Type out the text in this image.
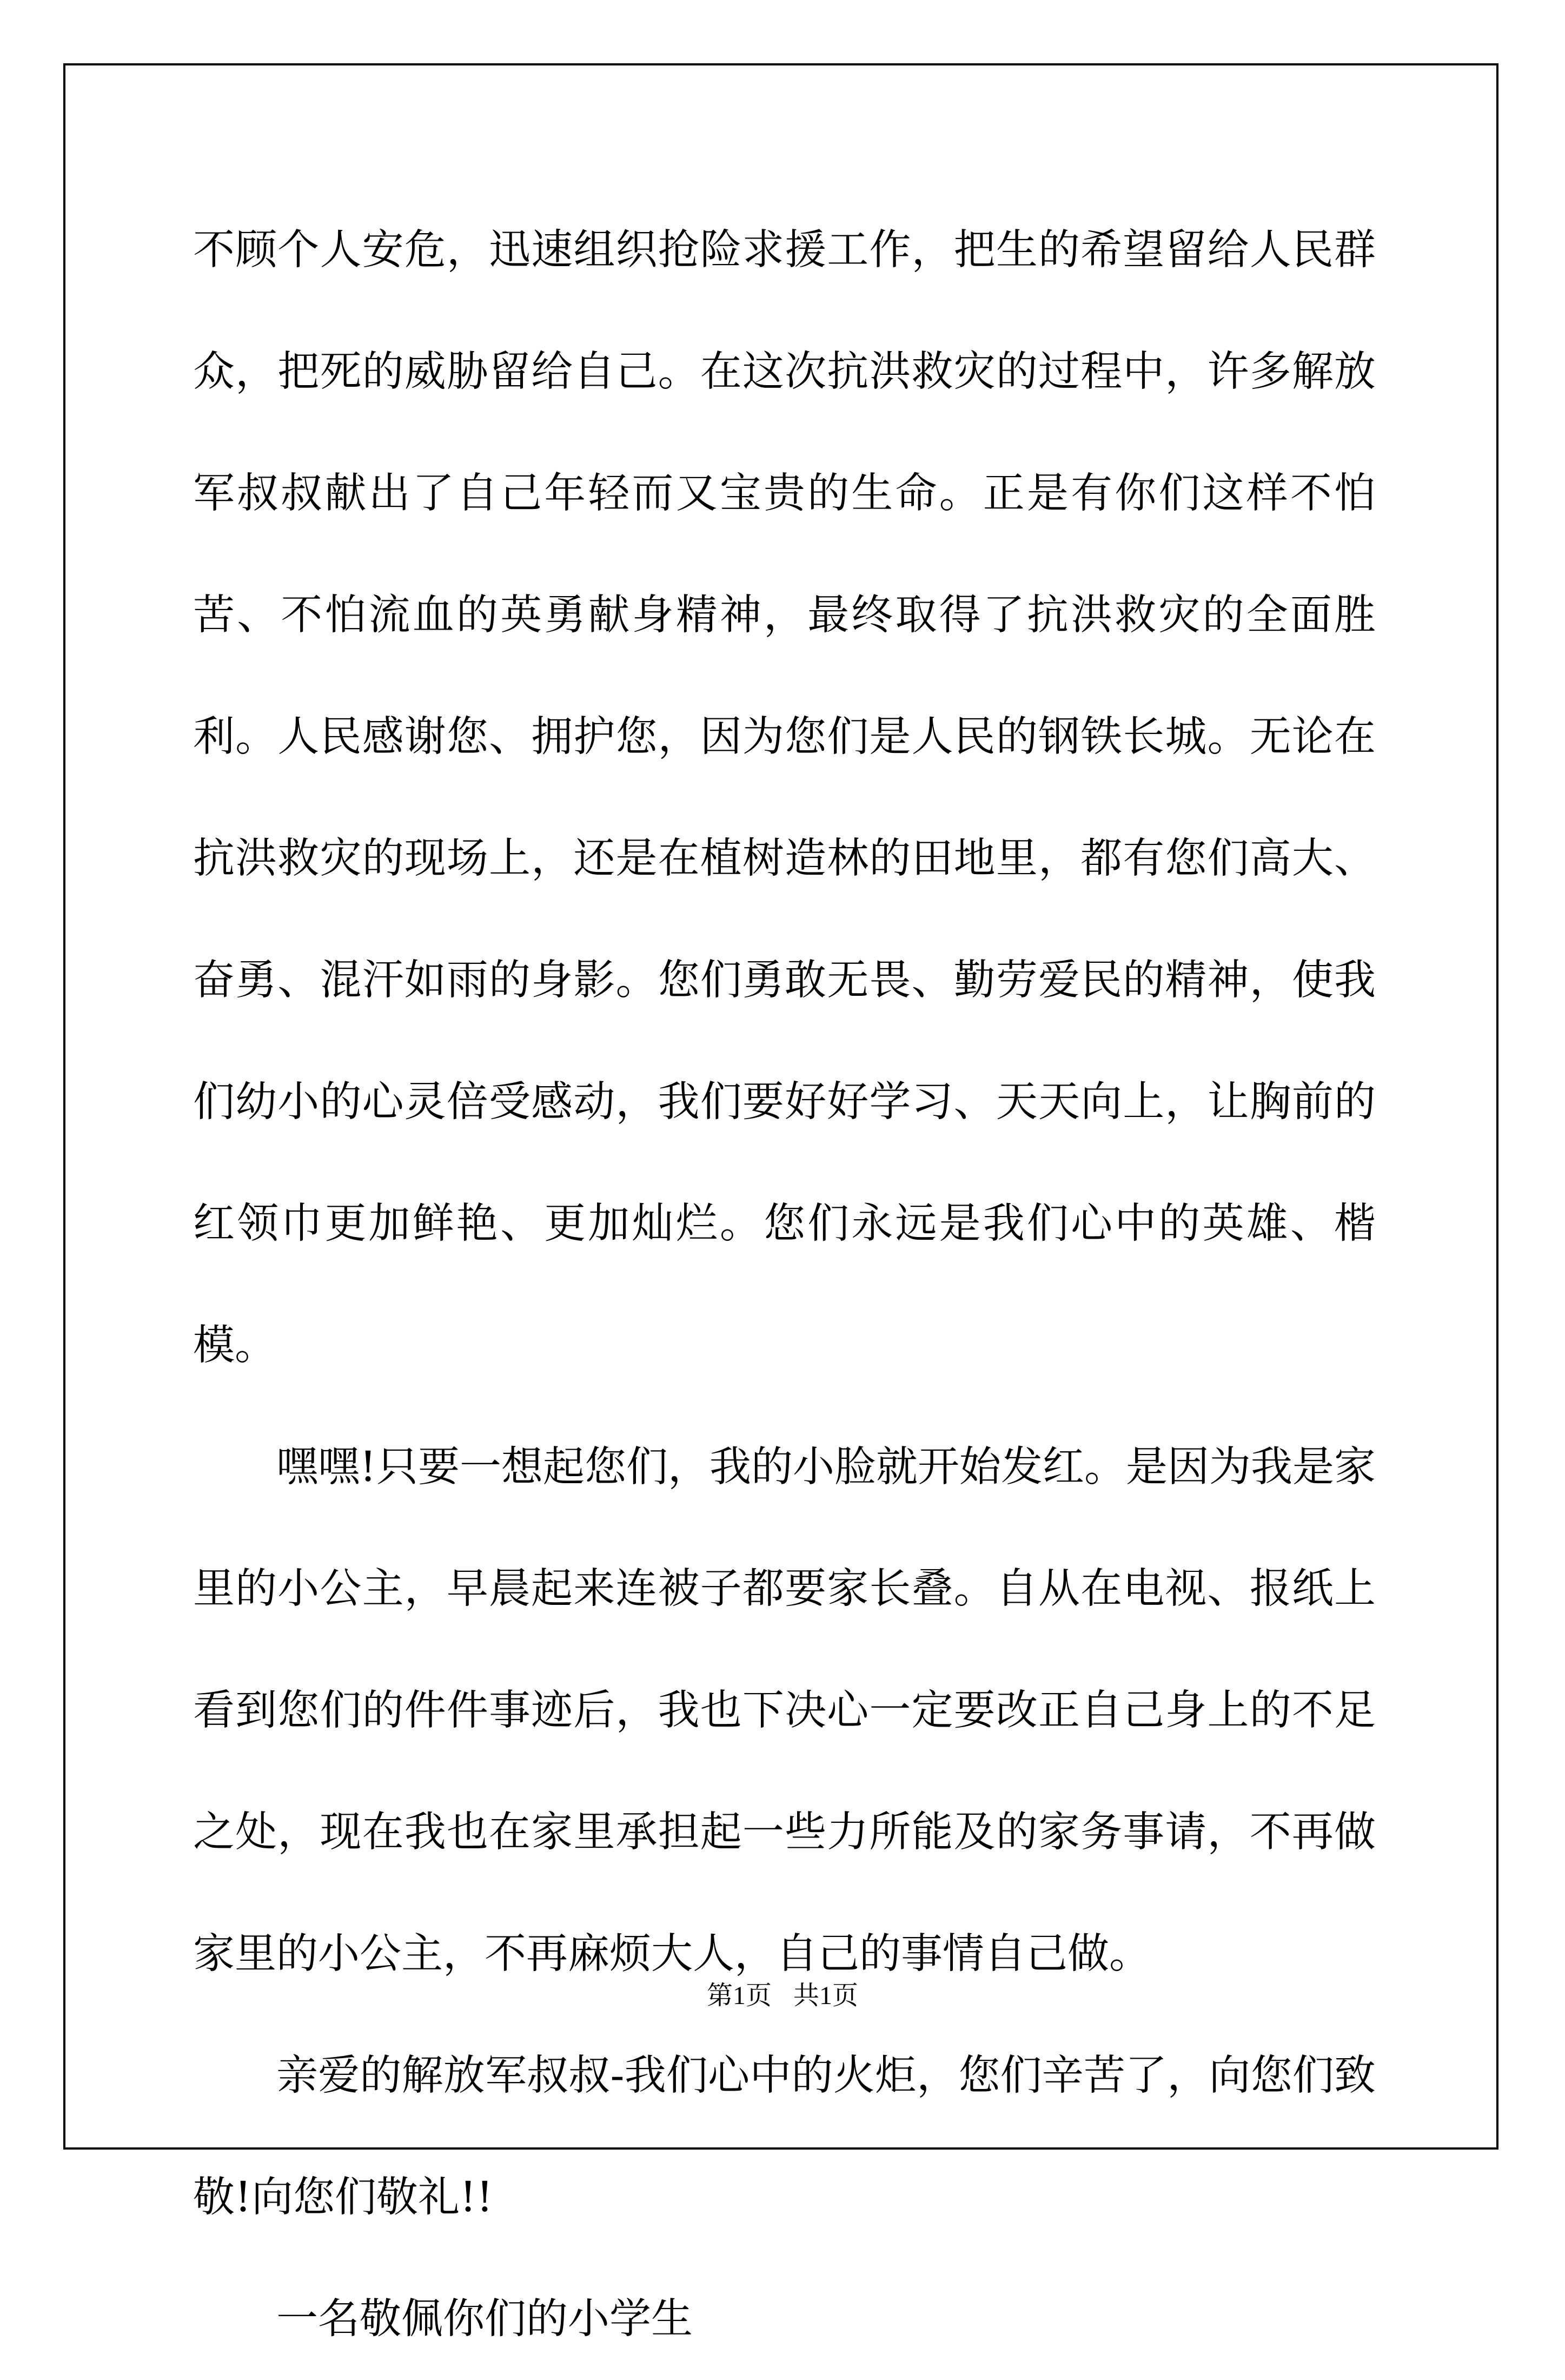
不顾个人安危，迅速组织抢险求援工作，把生的希望留给人民群众，把死的威胁留给自己。在这次抗洪救灾的过程中，许多解放军叔叔献出了自己年轻而又宝贵的生命。正是有你们这样不怕苦、不怕流血的英勇献身精神，最终取得了抗洪救灾的全面胜利。人民感谢您、拥护您，因为您们是人民的钢铁长城。无论在抗洪救灾的现场上，还是在植树造林的田地里，都有您们高大、奋勇、混汗如雨的身影。您们勇敢无畏、勤劳爱民的精神，使我们幼小的心灵倍受感动，我们要好好学习、天天向上，让胸前的红领巾更加鲜艳、更加灿烂。您们永远是我们心中的英雄、楷模。

嘿嘿!只要一想起您们，我的小脸就开始发红。是因为我是家里的小公主，早晨起来连被子都要家长叠。自从在电视、报纸上看到您们的件件事迹后，我也下决心一定要改正自己身上的不足之处，现在我也在家里承担起一些力所能及的家务事请，不再做家里的小公主，不再麻烦大人，自己的事情自己做。

亲爱的解放军叔叔-我们心中的火炬，您们辛苦了，向您们致敬!向您们敬礼!!

一名敬佩你们的小学生

第1页 共1页
